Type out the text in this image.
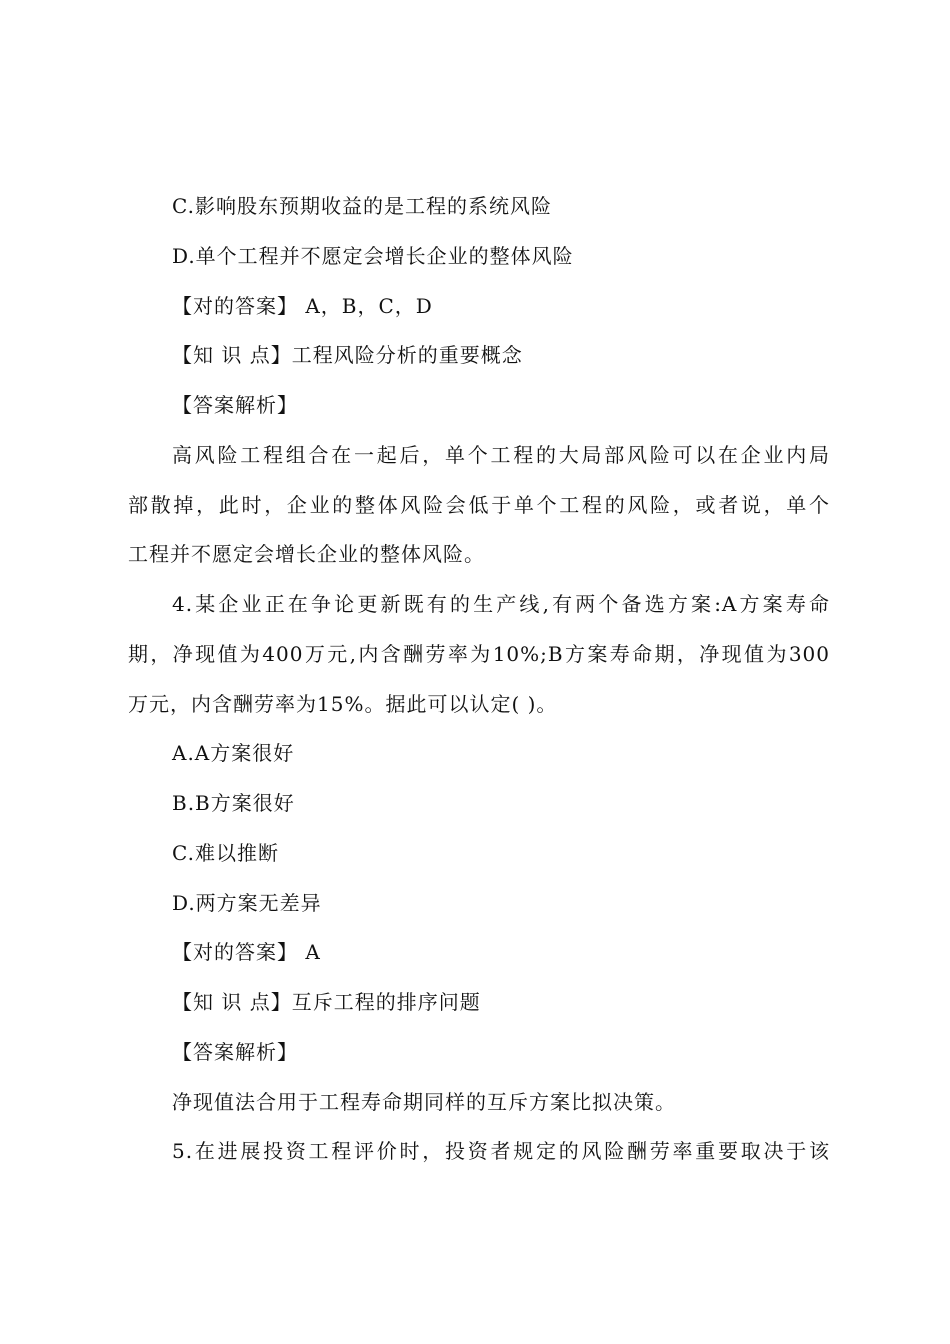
C.影响股东预期收益的是工程的系统风险
D.单个工程并不愿定会增长企业的整体风险
【对的答案】 A，B，C，D
【知 识 点】工程风险分析的重要概念
【答案解析】
高风险工程组合在一起后，单个工程的大局部风险可以在企业内局
部散掉，此时，企业的整体风险会低于单个工程的风险，或者说，单个
工程并不愿定会增长企业的整体风险。
4.某企业正在争论更新既有的生产线,有两个备选方案:A方案寿命
期，净现值为400万元,内含酬劳率为10%;B方案寿命期，净现值为300
万元，内含酬劳率为15%。据此可以认定( )。
A.A方案很好
B.B方案很好
C.难以推断
D.两方案无差异
【对的答案】 A
【知 识 点】互斥工程的排序问题
【答案解析】
净现值法合用于工程寿命期同样的互斥方案比拟决策。
5.在进展投资工程评价时，投资者规定的风险酬劳率重要取决于该
